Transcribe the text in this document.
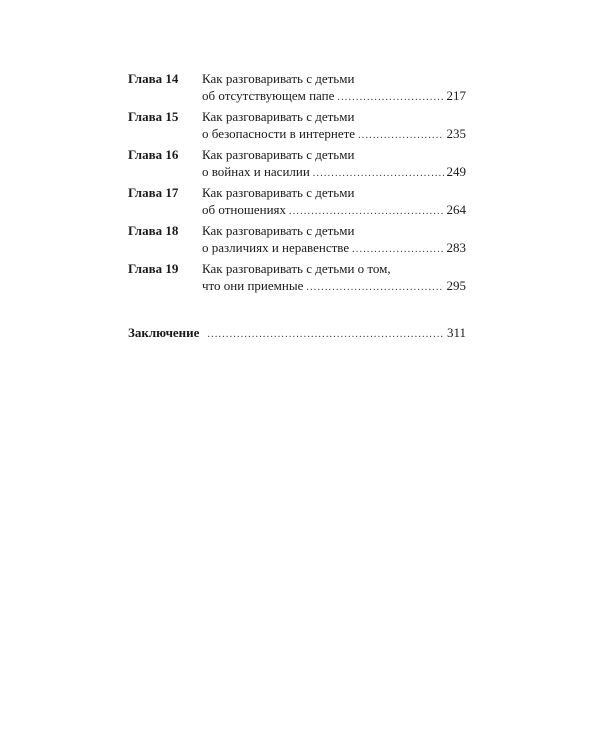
Глава 14 Как разговаривать с детьми
об отсутствующем папе .....	217
Глава 15 Как разговаривать с детьми
о безопасности в интернете .....	235
Глава 16 Как разговаривать с детьми
о войнах и насилии .....	249
Глава 17 Как разговаривать с детьми
об отношениях .....	264
Глава 18 Как разговаривать с детьми
о различиях и неравенстве .....	283
Глава 19 Как разговаривать с детьми о том,
что они приемные .....	295
Заключение .....	311
